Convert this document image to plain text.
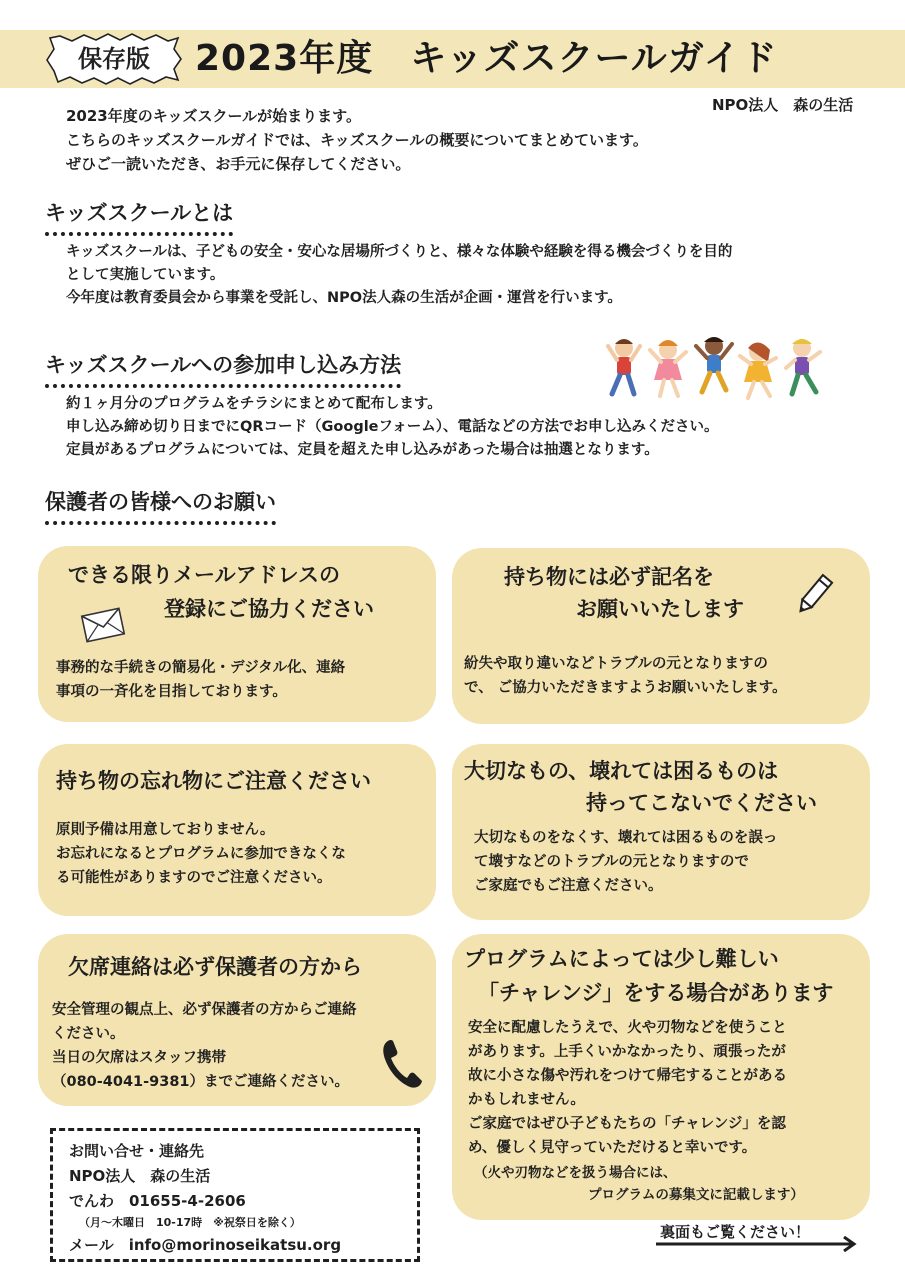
保存版	2023年度　キッズスクールガイド
NPO法人　森の生活
2023年度のキッズスクールが始まります。
こちらのキッズスクールガイドでは、キッズスクールの概要についてまとめています。
ぜひご一読いただき、お手元に保存してください。
キッズスクールとは
キッズスクールは、子どもの安全・安心な居場所づくりと、様々な体験や経験を得る機会づくりを目的
として実施しています。
今年度は教育委員会から事業を受託し、NPO法人森の生活が企画・運営を行います。
キッズスクールへの参加申し込み方法
約１ヶ月分のプログラムをチラシにまとめて配布します。
申し込み締め切り日までにQRコード（Googleフォーム）、電話などの方法でお申し込みください。
定員があるプログラムについては、定員を超えた申し込みがあった場合は抽選となります。
保護者の皆様へのお願い
できる限りメールアドレスの
登録にご協力ください
事務的な手続きの簡易化・デジタル化、連絡
事項の一斉化を目指しております。
持ち物には必ず記名を
お願いいたします
紛失や取り違いなどトラブルの元となりますの
で、 ご協力いただきますようお願いいたします。
持ち物の忘れ物にご注意ください
原則予備は用意しておりません。
お忘れになるとプログラムに参加できなくな
る可能性がありますのでご注意ください。
大切なもの、壊れては困るものは
持ってこないでください
大切なものをなくす、壊れては困るものを誤っ
て壊すなどのトラブルの元となりますので
ご家庭でもご注意ください。
欠席連絡は必ず保護者の方から
安全管理の観点上、必ず保護者の方からご連絡
ください。
当日の欠席はスタッフ携帯
（080-4041-9381）までご連絡ください。
プログラムによっては少し難しい
「チャレンジ」をする場合があります
安全に配慮したうえで、火や刃物などを使うこと
があります。上手くいかなかったり、頑張ったが
故に小さな傷や汚れをつけて帰宅することがある
かもしれません。
ご家庭ではぜひ子どもたちの「チャレンジ」を認
め、優しく見守っていただけると幸いです。
（火や刃物などを扱う場合には、
プログラムの募集文に記載します）
お問い合せ・連絡先
NPO法人　森の生活
でんわ　01655-4-2606
（月～木曜日　10-17時　※祝祭日を除く）
メール　info@morinoseikatsu.org
裏面もご覧ください！
